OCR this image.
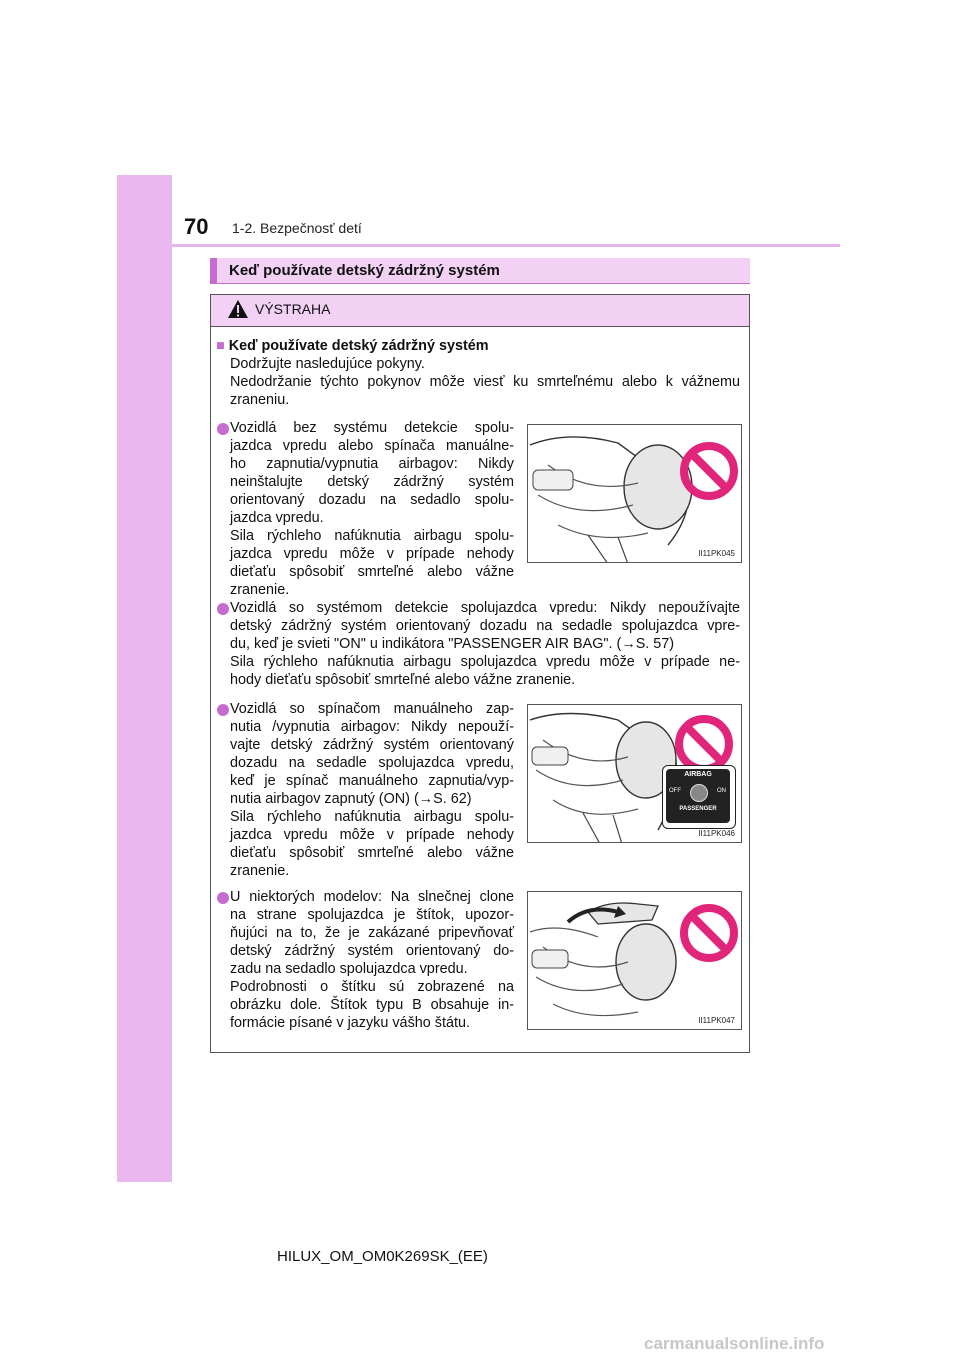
70 1-2. Bezpečnosť detí
Keď používate detský zádržný systém
VÝSTRAHA
■ Keď používate detský zádržný systém
Dodržujte nasledujúce pokyny.
Nedodržanie týchto pokynov môže viesť ku smrteľnému alebo k vážnemu
zraneniu.
Vozidlá bez systému detekcie spolu-
jazdca vpredu alebo spínača manuálne-
ho zapnutia/vypnutia airbagov: Nikdy
neinštalujte detský zádržný systém
orientovaný dozadu na sedadlo spolu-
jazdca vpredu.
Sila rýchleho nafúknutia airbagu spolu-
jazdca vpredu môže v prípade nehody
dieťaťu spôsobiť smrteľné alebo vážne
zranenie.
II11PK045
Vozidlá so systémom detekcie spolujazdca vpredu: Nikdy nepoužívajte
detský zádržný systém orientovaný dozadu na sedadle spolujazdca vpre-
du, keď je svieti "ON" u indikátora "PASSENGER AIR BAG". (→S. 57)
Sila rýchleho nafúknutia airbagu spolujazdca vpredu môže v prípade ne-
hody dieťaťu spôsobiť smrteľné alebo vážne zranenie.
Vozidlá so spínačom manuálneho zap-
nutia /vypnutia airbagov: Nikdy nepouží-
vajte detský zádržný systém orientovaný
dozadu na sedadle spolujazdca vpredu,
keď je spínač manuálneho zapnutia/vyp-
nutia airbagov zapnutý (ON) (→S. 62)
Sila rýchleho nafúknutia airbagu spolu-
jazdca vpredu môže v prípade nehody
dieťaťu spôsobiť smrteľné alebo vážne
zranenie.
AIRBAG
OFF	ON
PASSENGER
II11PK046
U niektorých modelov: Na slnečnej clone
na strane spolujazdca je štítok, upozor-
ňujúci na to, že je zakázané pripevňovať
detský zádržný systém orientovaný do-
zadu na sedadlo spolujazdca vpredu.
Podrobnosti o štítku sú zobrazené na
obrázku dole. Štítok typu B obsahuje in-
formácie písané v jazyku vášho štátu.	II11PK047
HILUX_OM_OM0K269SK_(EE)
carmanualsonline.info
